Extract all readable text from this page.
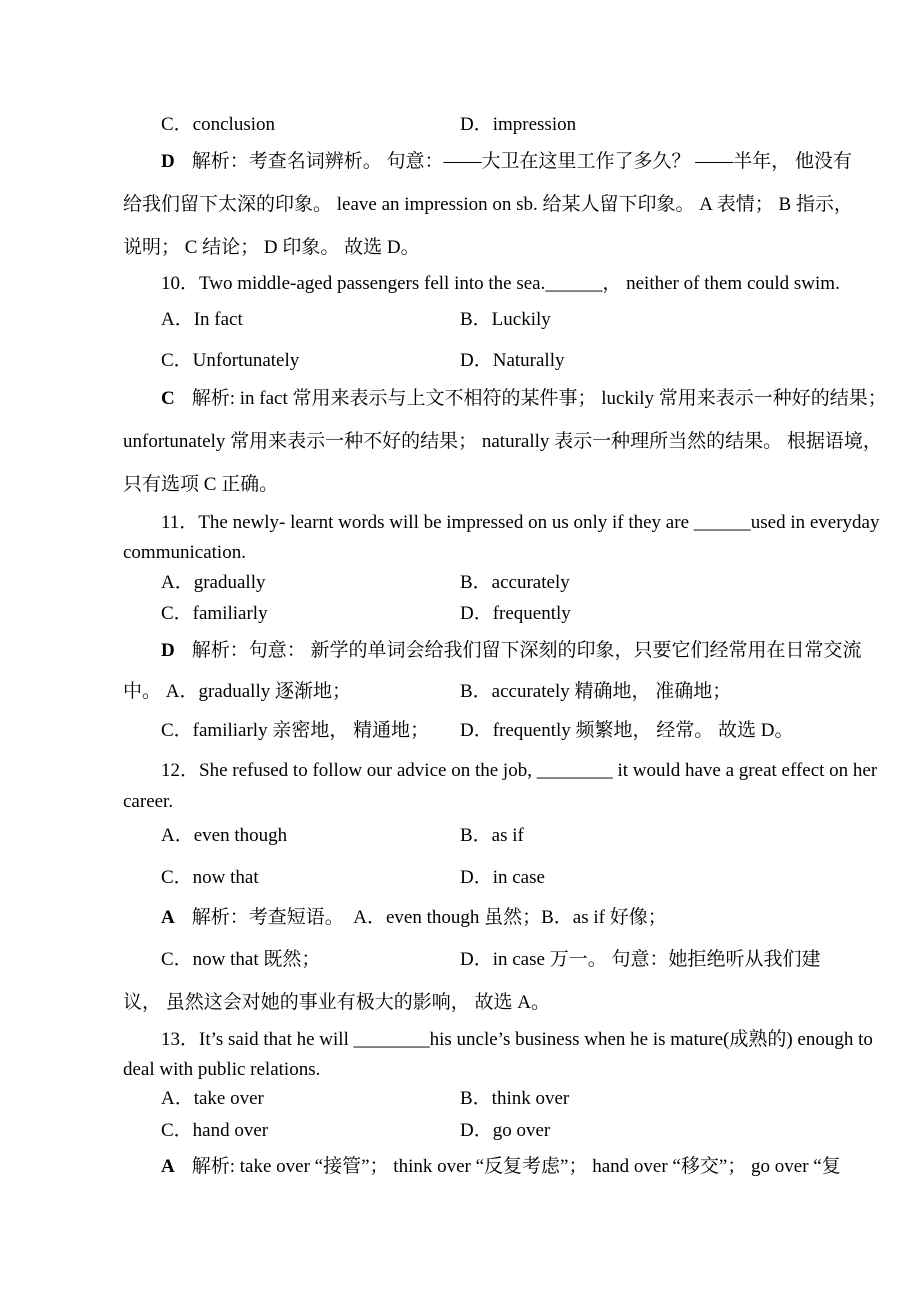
C．conclusion	D．impression
D 解析：考查名词辨析。 句意：——大卫在这里工作了多久？ ——半年， 他没有
给我们留下太深的印象。 leave an impression on sb. 给某人留下印象。 A 表情； B 指示，
说明； C 结论； D 印象。 故选 D。
10．Two middle-aged passengers fell into the sea.______， neither of them could swim.
A．In fact	B．Luckily
C．Unfortunately	D．Naturally
C 解析: in fact 常用来表示与上文不相符的某件事； luckily 常用来表示一种好的结果；
unfortunately 常用来表示一种不好的结果； naturally 表示一种理所当然的结果。 根据语境，
只有选项 C 正确。
11．The newly- learnt words will be impressed on us only if they are ______used in everyday
communication.
A．gradually	B．accurately
C．familiarly	D．frequently
D 解析：句意： 新学的单词会给我们留下深刻的印象，只要它们经常用在日常交流
中。 A．gradually 逐渐地；	B．accurately 精确地， 准确地；
C．familiarly 亲密地， 精通地； D．frequently 频繁地， 经常。 故选 D。
12．She refused to follow our advice on the job, ________ it would have a great effect on her
career.
A．even though	B．as if
C．now that	D．in case
A 解析：考查短语。  A．even though 虽然；B．as if 好像；
C．now that 既然；	D．in case 万一。 句意：她拒绝听从我们建
议， 虽然这会对她的事业有极大的影响， 故选 A。
13．It’s said that he will ________his uncle’s business when he is mature(成熟的) enough to
deal with public relations.
A．take over	B．think over
C．hand over	D．go over
A 解析: take over “接管”； think over “反复考虑”； hand over “移交”； go over “复
